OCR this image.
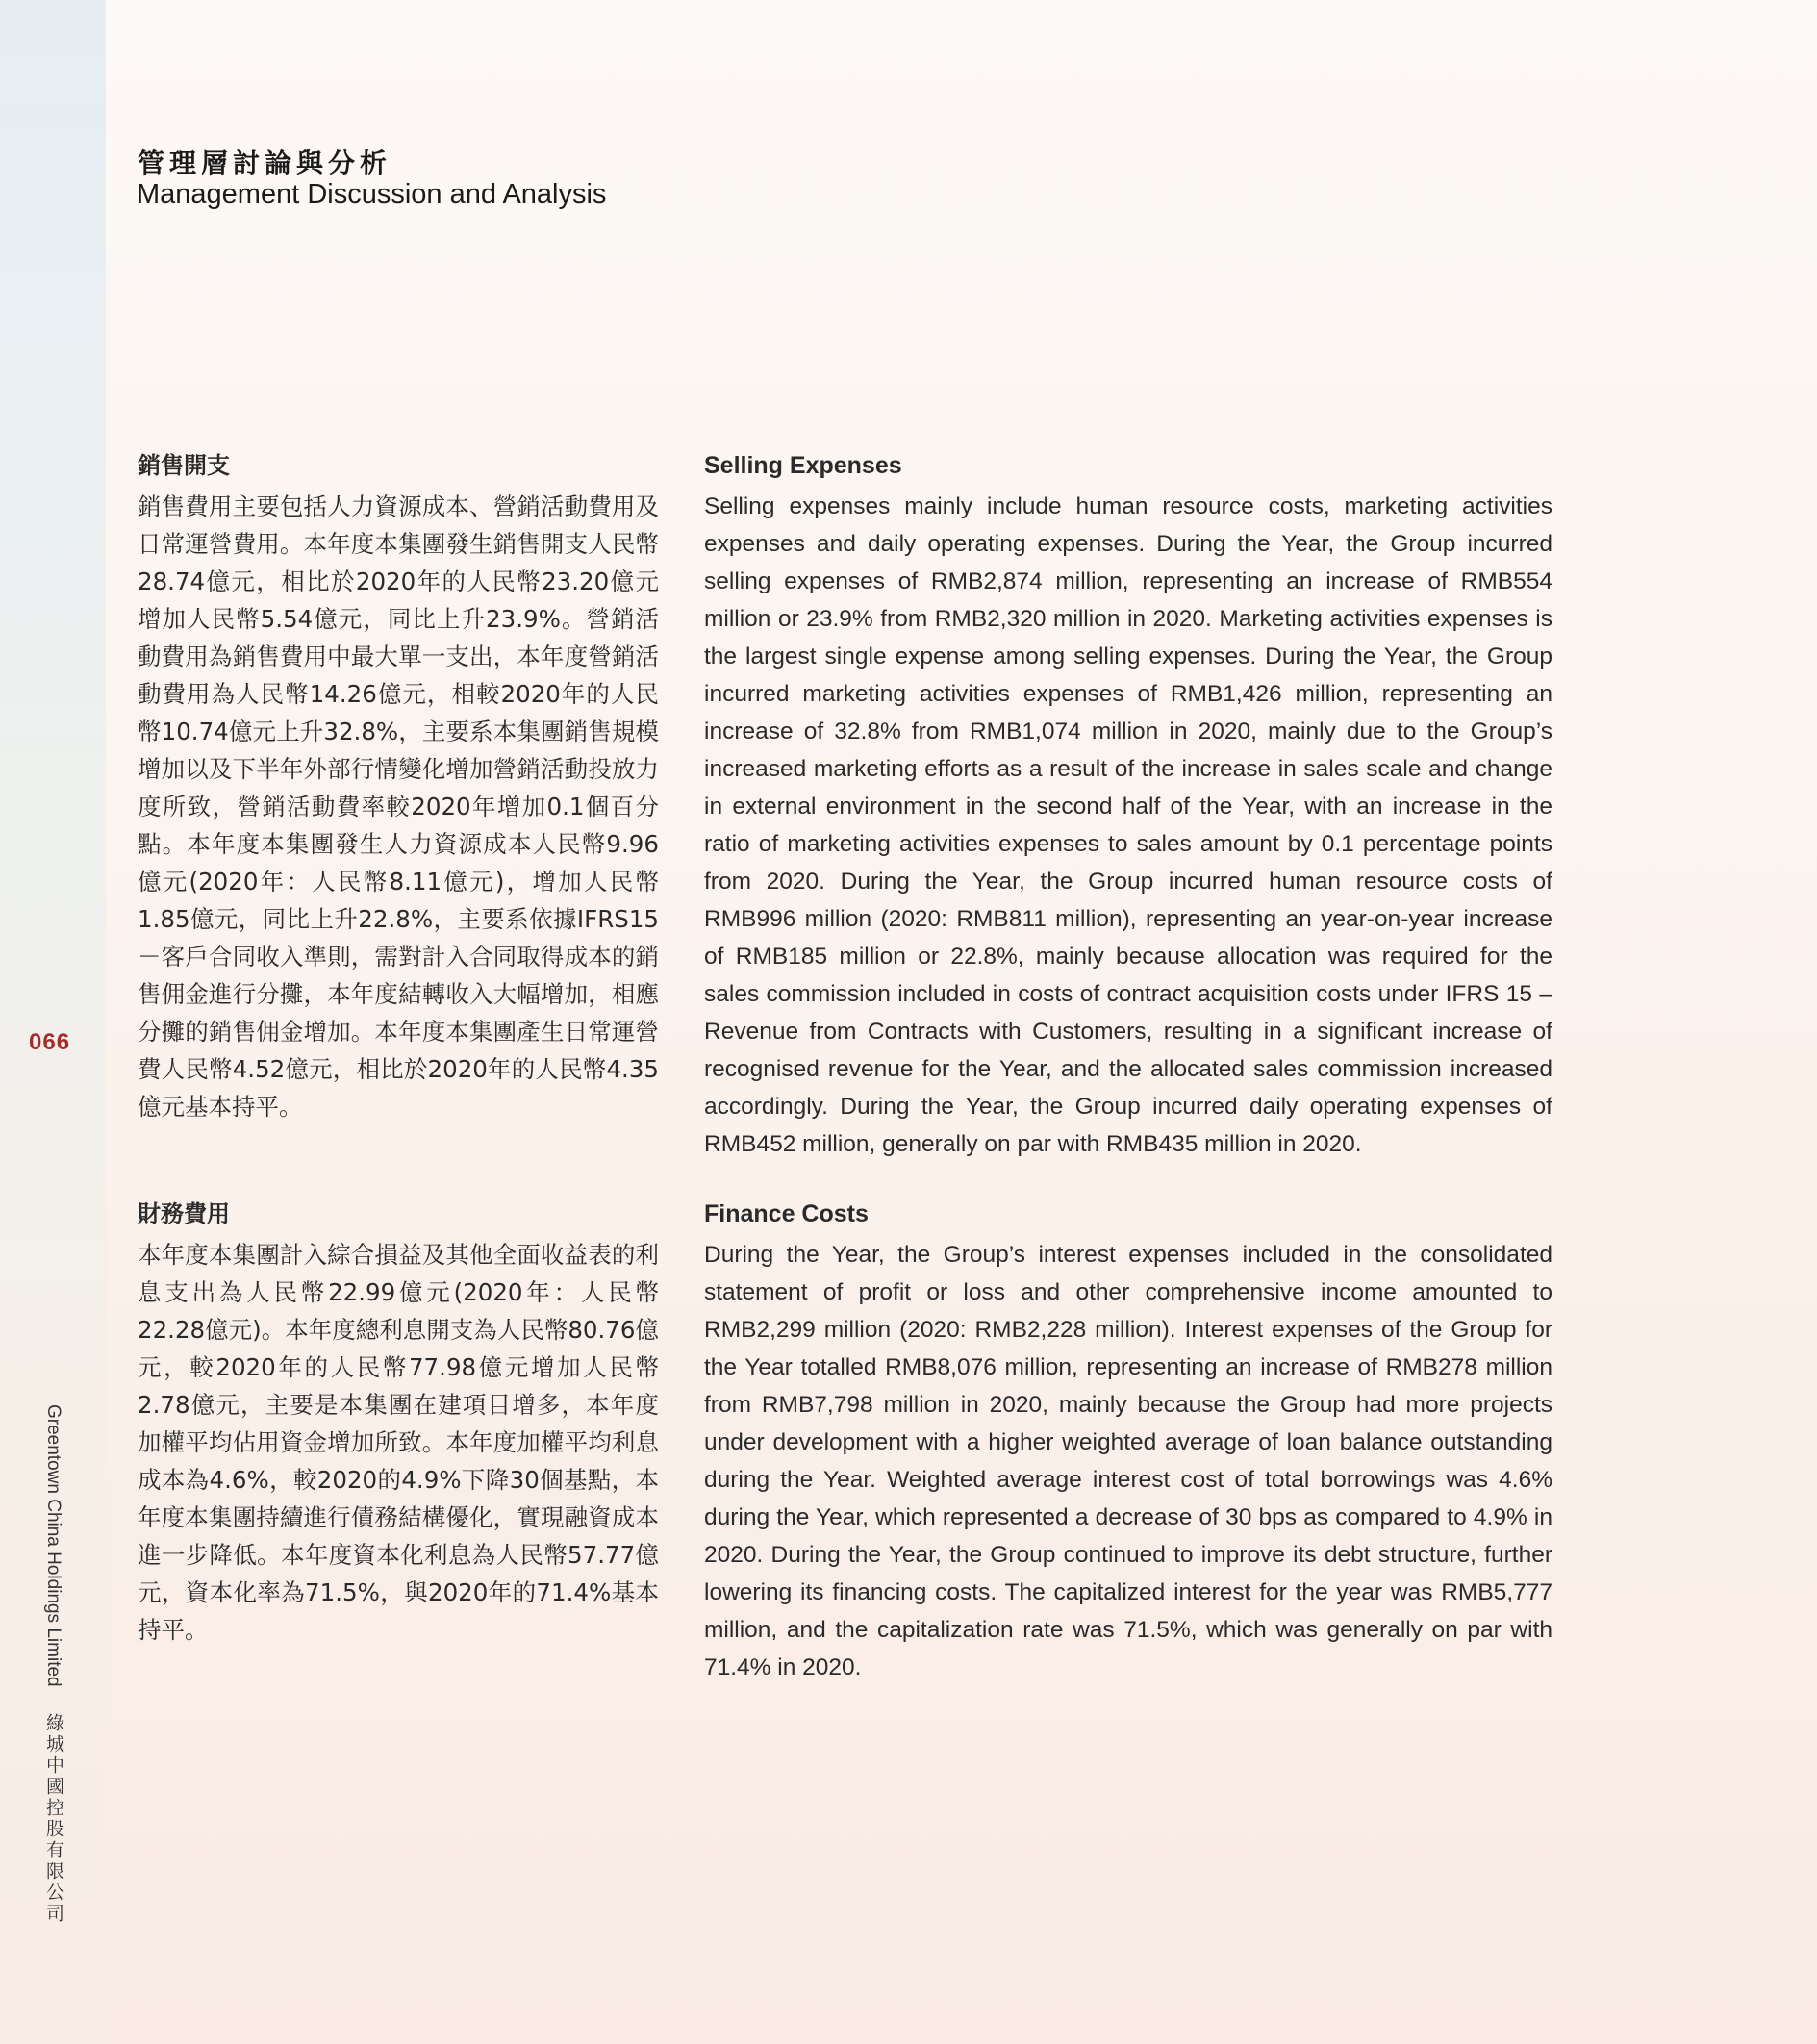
066
Greentown China Holdings Limited 綠城中國控股有限公司
管理層討論與分析
Management Discussion and Analysis
銷售開支

銷售費用主要包括人力資源成本、營銷活動費用及日常運營費用。本年度本集團發生銷售開支人民幣28.74億元，相比於2020年的人民幣23.20億元增加人民幣5.54億元，同比上升23.9%。營銷活動費用為銷售費用中最大單一支出，本年度營銷活動費用為人民幣14.26億元，相較2020年的人民幣10.74億元上升32.8%，主要系本集團銷售規模增加以及下半年外部行情變化增加營銷活動投放力度所致，營銷活動費率較2020年增加0.1個百分點。本年度本集團發生人力資源成本人民幣9.96億元(2020年：人民幣8.11億元)，增加人民幣1.85億元，同比上升22.8%，主要系依據IFRS15－客戶合同收入準則，需對計入合同取得成本的銷售佣金進行分攤，本年度結轉收入大幅增加，相應分攤的銷售佣金增加。本年度本集團產生日常運營費人民幣4.52億元，相比於2020年的人民幣4.35億元基本持平。

Selling Expenses

Selling expenses mainly include human resource costs, marketing activities expenses and daily operating expenses. During the Year, the Group incurred selling expenses of RMB2,874 million, representing an increase of RMB554 million or 23.9% from RMB2,320 million in 2020. Marketing activities expenses is the largest single expense among selling expenses. During the Year, the Group incurred marketing activities expenses of RMB1,426 million, representing an increase of 32.8% from RMB1,074 million in 2020, mainly due to the Group’s increased marketing efforts as a result of the increase in sales scale and change in external environment in the second half of the Year, with an increase in the ratio of marketing activities expenses to sales amount by 0.1 percentage points from 2020. During the Year, the Group incurred human resource costs of RMB996 million (2020: RMB811 million), representing an year-on-year increase of RMB185 million or 22.8%, mainly because allocation was required for the sales commission included in costs of contract acquisition costs under IFRS 15 – Revenue from Contracts with Customers, resulting in a significant increase of recognised revenue for the Year, and the allocated sales commission increased accordingly. During the Year, the Group incurred daily operating expenses of RMB452 million, generally on par with RMB435 million in 2020.

財務費用

本年度本集團計入綜合損益及其他全面收益表的利息支出為人民幣22.99億元(2020年：人民幣22.28億元)。本年度總利息開支為人民幣80.76億元，較2020年的人民幣77.98億元增加人民幣2.78億元，主要是本集團在建項目增多，本年度加權平均佔用資金增加所致。本年度加權平均利息成本為4.6%，較2020的4.9%下降30個基點，本年度本集團持續進行債務結構優化，實現融資成本進一步降低。本年度資本化利息為人民幣57.77億元，資本化率為71.5%，與2020年的71.4%基本持平。

Finance Costs

During the Year, the Group’s interest expenses included in the consolidated statement of profit or loss and other comprehensive income amounted to RMB2,299 million (2020: RMB2,228 million). Interest expenses of the Group for the Year totalled RMB8,076 million, representing an increase of RMB278 million from RMB7,798 million in 2020, mainly because the Group had more projects under development with a higher weighted average of loan balance outstanding during the Year. Weighted average interest cost of total borrowings was 4.6% during the Year, which represented a decrease of 30 bps as compared to 4.9% in 2020. During the Year, the Group continued to improve its debt structure, further lowering its financing costs. The capitalized interest for the year was RMB5,777 million, and the capitalization rate was 71.5%, which was generally on par with 71.4% in 2020.
